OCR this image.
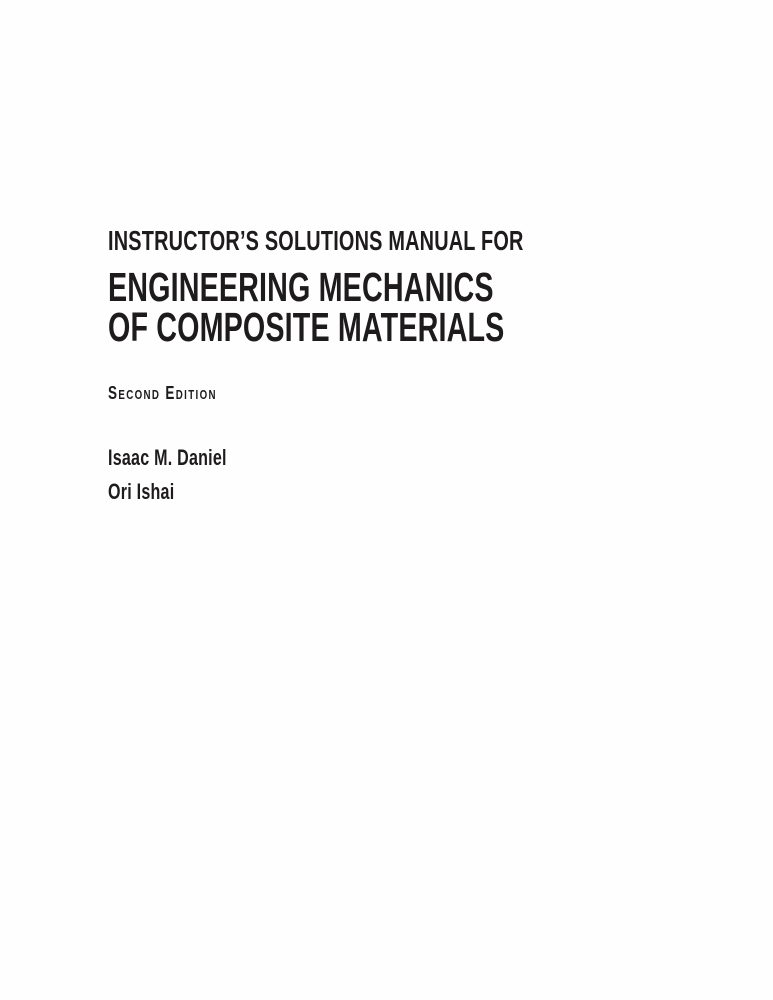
INSTRUCTOR’S SOLUTIONS MANUAL FOR
ENGINEERING MECHANICS
OF COMPOSITE MATERIALS
Second Edition
Isaac M. Daniel
Ori Ishai
